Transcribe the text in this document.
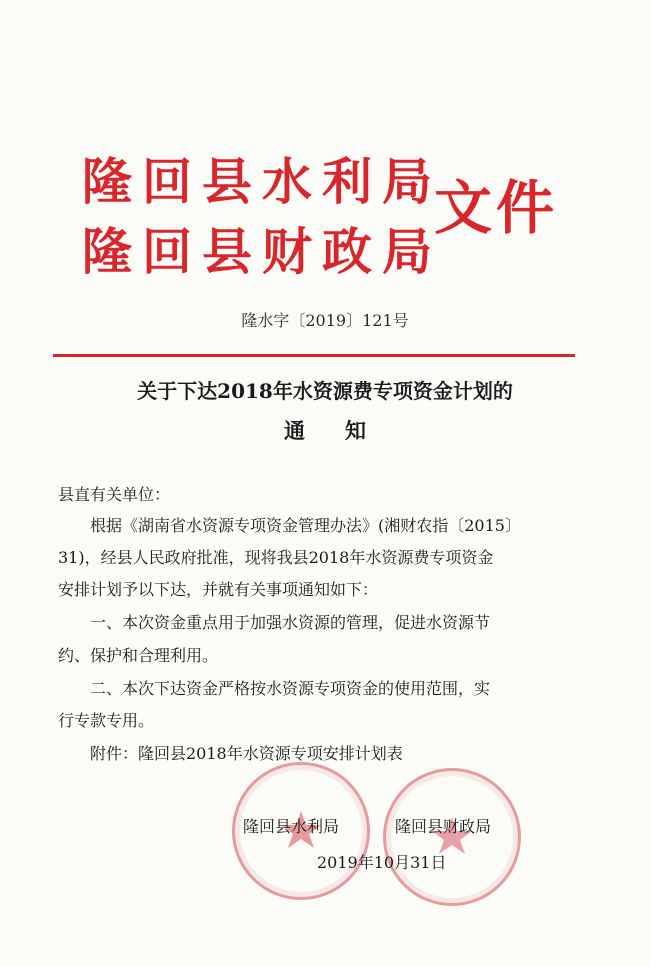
隆回县水利局
隆回县财政局
文件
隆水字〔2019〕121号
关于下达2018年水资源费专项资金计划的
通知
县直有关单位：
根据《湖南省水资源专项资金管理办法》(湘财农指〔2015〕
31)，经县人民政府批准，现将我县2018年水资源费专项资金
安排计划予以下达，并就有关事项通知如下：
一、本次资金重点用于加强水资源的管理，促进水资源节
约、保护和合理利用。
二、本次下达资金严格按水资源专项资金的使用范围，实
行专款专用。
附件：隆回县2018年水资源专项安排计划表
隆回县水利局	隆回县财政局
2019年10月31日
